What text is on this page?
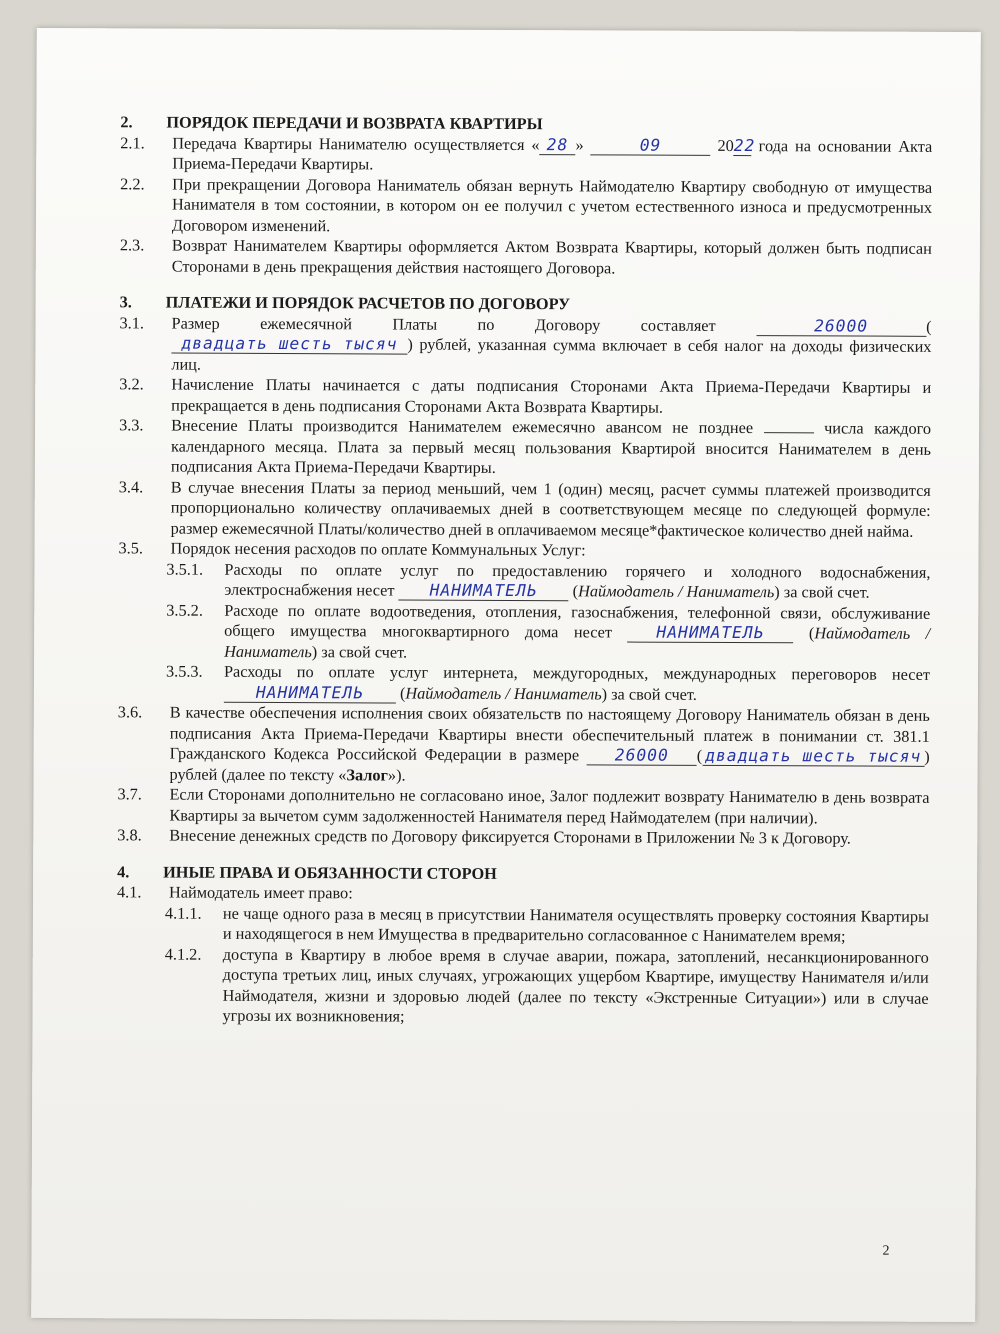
2.	ПОРЯДОК ПЕРЕДАЧИ И ВОЗВРАТА КВАРТИРЫ
2.1.	Передача Квартиры Нанимателю осуществляется « 28 »	09	2022 года на основании Акта Приема-Передачи Квартиры.
2.2.	При прекращении Договора Наниматель обязан вернуть Наймодателю Квартиру свободную от имущества Нанимателя в том состоянии, в котором он ее получил с учетом естественного износа и предусмотренных Договором изменений.
2.3.	Возврат Нанимателем Квартиры оформляется Актом Возврата Квартиры, который должен быть подписан Сторонами в день прекращения действия настоящего Договора.
3.	ПЛАТЕЖИ И ПОРЯДОК РАСЧЕТОВ ПО ДОГОВОРУ
3.1.	Размер ежемесячной Платы по Договору составляет	26000	(двадцать шесть тысяч ) рублей, указанная сумма включает в себя налог на доходы физических лиц.
3.2.	Начисление Платы начинается с даты подписания Сторонами Акта Приема-Передачи Квартиры и прекращается в день подписания Сторонами Акта Возврата Квартиры.
3.3.	Внесение Платы производится Нанимателем ежемесячно авансом не позднее	числа каждого календарного месяца. Плата за первый месяц пользования Квартирой вносится Нанимателем в день подписания Акта Приема-Передачи Квартиры.
3.4.	В случае внесения Платы за период меньший, чем 1 (один) месяц, расчет суммы платежей производится пропорционально количеству оплачиваемых дней в соответствующем месяце по следующей формуле: размер ежемесячной Платы/количество дней в оплачиваемом месяце*фактическое количество дней найма.
3.5.	Порядок несения расходов по оплате Коммунальных Услуг:
3.5.1.	Расходы по оплате услуг по предоставлению горячего и холодного водоснабжения, электроснабжения несет НАНИМАТЕЛЬ (Наймодатель / Наниматель) за свой счет.
3.5.2.	Расходе по оплате водоотведения, отопления, газоснабжения, телефонной связи, обслуживание общего имущества многоквартирного дома несет	НАНИМАТЕЛЬ (Наймодатель / Наниматель) за свой счет.
3.5.3.	Расходы по оплате услуг интернета, междугородных, международных переговоров несет НАНИМАТЕЛЬ (Наймодатель / Наниматель) за свой счет.
3.6.	В качестве обеспечения исполнения своих обязательств по настоящему Договору Наниматель обязан в день подписания Акта Приема-Передачи Квартиры внести обеспечительный платеж в понимании ст. 381.1 Гражданского Кодекса Российской Федерации в размере 26000 ( двадцать шесть тысяч ) рублей (далее по тексту «Залог»).
3.7.	Если Сторонами дополнительно не согласовано иное, Залог подлежит возврату Нанимателю в день возврата Квартиры за вычетом сумм задолженностей Нанимателя перед Наймодателем (при наличии).
3.8.	Внесение денежных средств по Договору фиксируется Сторонами в Приложении № 3 к Договору.
4.	ИНЫЕ ПРАВА И ОБЯЗАННОСТИ СТОРОН
4.1.	Наймодатель имеет право:
4.1.1.	не чаще одного раза в месяц в присутствии Нанимателя осуществлять проверку состояния Квартиры и находящегося в нем Имущества в предварительно согласованное с Нанимателем время;
4.1.2.	доступа в Квартиру в любое время в случае аварии, пожара, затоплений, несанкционированного доступа третьих лиц, иных случаях, угрожающих ущербом Квартире, имуществу Нанимателя и/или Наймодателя, жизни и здоровью людей (далее по тексту «Экстренные Ситуации») или в случае угрозы их возникновения;
2
